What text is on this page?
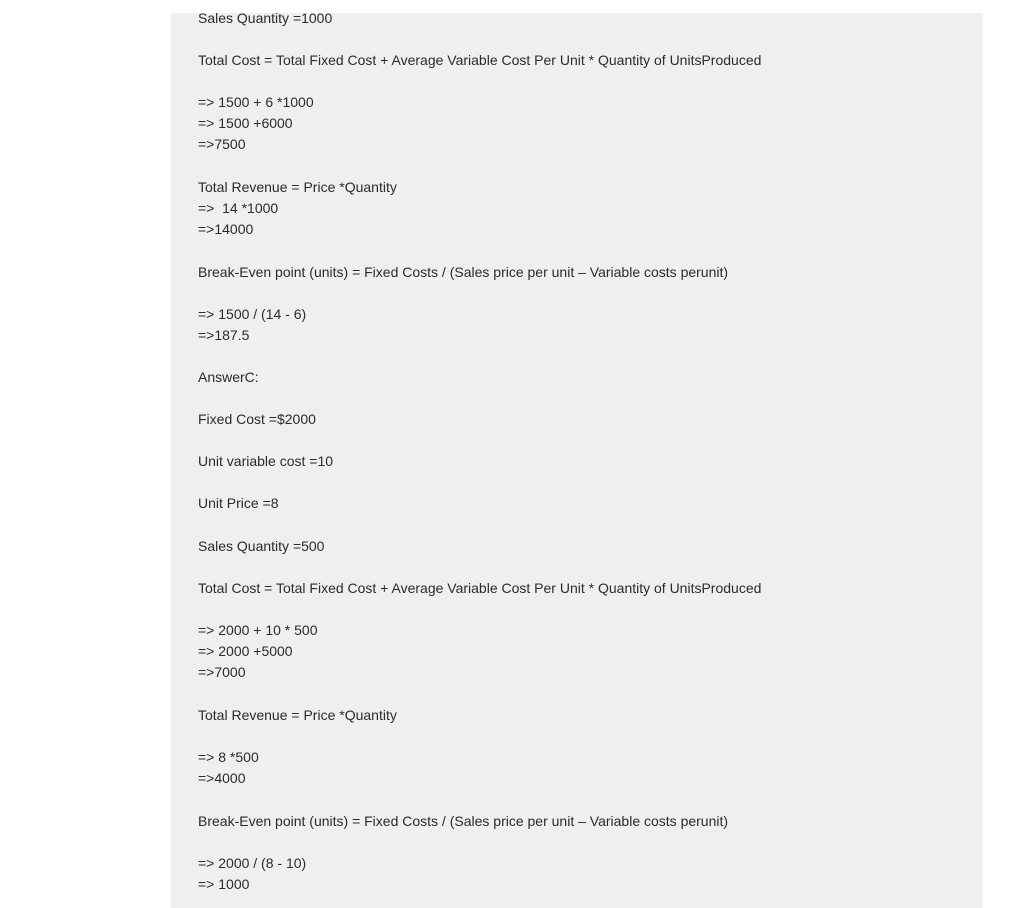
Sales Quantity =1000
Total Cost = Total Fixed Cost + Average Variable Cost Per Unit * Quantity of UnitsProduced
=> 1500 + 6 *1000
=> 1500 +6000
=>7500
Total Revenue = Price *Quantity
=>  14 *1000
=>14000
Break-Even point (units) = Fixed Costs / (Sales price per unit – Variable costs perunit)
=> 1500 / (14 - 6)
=>187.5
AnswerC:
Fixed Cost =$2000
Unit variable cost =10
Unit Price =8
Sales Quantity =500
Total Cost = Total Fixed Cost + Average Variable Cost Per Unit * Quantity of UnitsProduced
=> 2000 + 10 * 500
=> 2000 +5000
=>7000
Total Revenue = Price *Quantity
=> 8 *500
=>4000
Break-Even point (units) = Fixed Costs / (Sales price per unit – Variable costs perunit)
=> 2000 / (8 - 10)
=> 1000
